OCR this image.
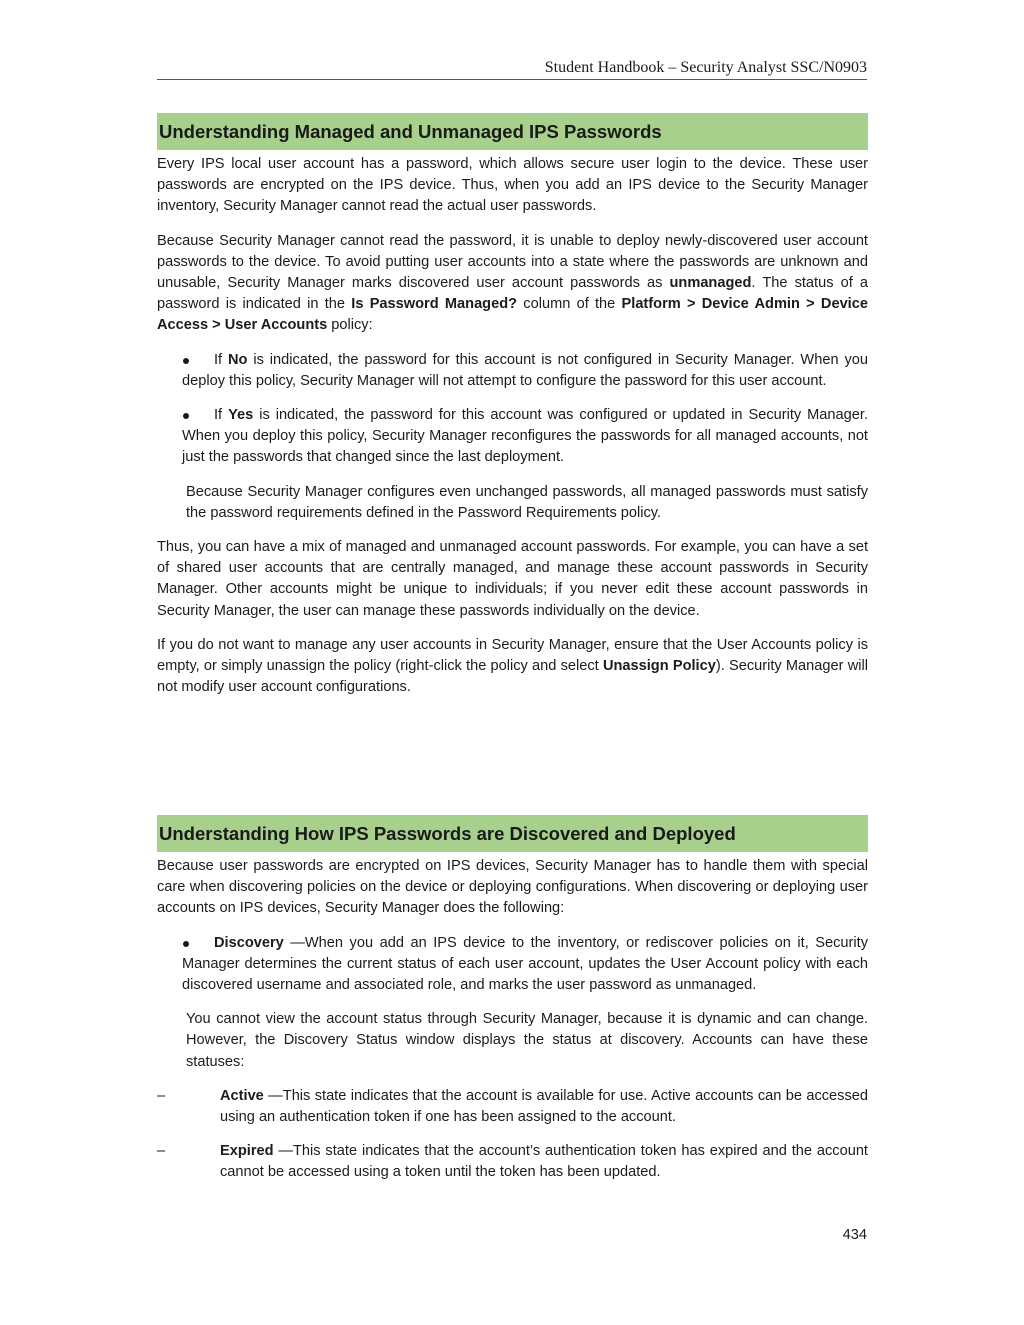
Student Handbook – Security Analyst SSC/N0903
Understanding Managed and Unmanaged IPS Passwords

Every IPS local user account has a password, which allows secure user login to the device. These user passwords are encrypted on the IPS device. Thus, when you add an IPS device to the Security Manager inventory, Security Manager cannot read the actual user passwords.

Because Security Manager cannot read the password, it is unable to deploy newly-discovered user account passwords to the device. To avoid putting user accounts into a state where the passwords are unknown and unusable, Security Manager marks discovered user account passwords as unmanaged. The status of a password is indicated in the Is Password Managed? column of the Platform > Device Admin > Device Access > User Accounts policy:

If No is indicated, the password for this account is not configured in Security Manager. When you deploy this policy, Security Manager will not attempt to configure the password for this user account.

If Yes is indicated, the password for this account was configured or updated in Security Manager. When you deploy this policy, Security Manager reconfigures the passwords for all managed accounts, not just the passwords that changed since the last deployment.

Because Security Manager configures even unchanged passwords, all managed passwords must satisfy the password requirements defined in the Password Requirements policy.

Thus, you can have a mix of managed and unmanaged account passwords. For example, you can have a set of shared user accounts that are centrally managed, and manage these account passwords in Security Manager. Other accounts might be unique to individuals; if you never edit these account passwords in Security Manager, the user can manage these passwords individually on the device.

If you do not want to manage any user accounts in Security Manager, ensure that the User Accounts policy is empty, or simply unassign the policy (right-click the policy and select Unassign Policy). Security Manager will not modify user account configurations.

Understanding How IPS Passwords are Discovered and Deployed

Because user passwords are encrypted on IPS devices, Security Manager has to handle them with special care when discovering policies on the device or deploying configurations. When discovering or deploying user accounts on IPS devices, Security Manager does the following:

Discovery —When you add an IPS device to the inventory, or rediscover policies on it, Security Manager determines the current status of each user account, updates the User Account policy with each discovered username and associated role, and marks the user password as unmanaged.

You cannot view the account status through Security Manager, because it is dynamic and can change. However, the Discovery Status window displays the status at discovery. Accounts can have these statuses:

–	Active —This state indicates that the account is available for use. Active accounts can be accessed using an authentication token if one has been assigned to the account.

–	Expired —This state indicates that the account’s authentication token has expired and the account cannot be accessed using a token until the token has been updated.

434
